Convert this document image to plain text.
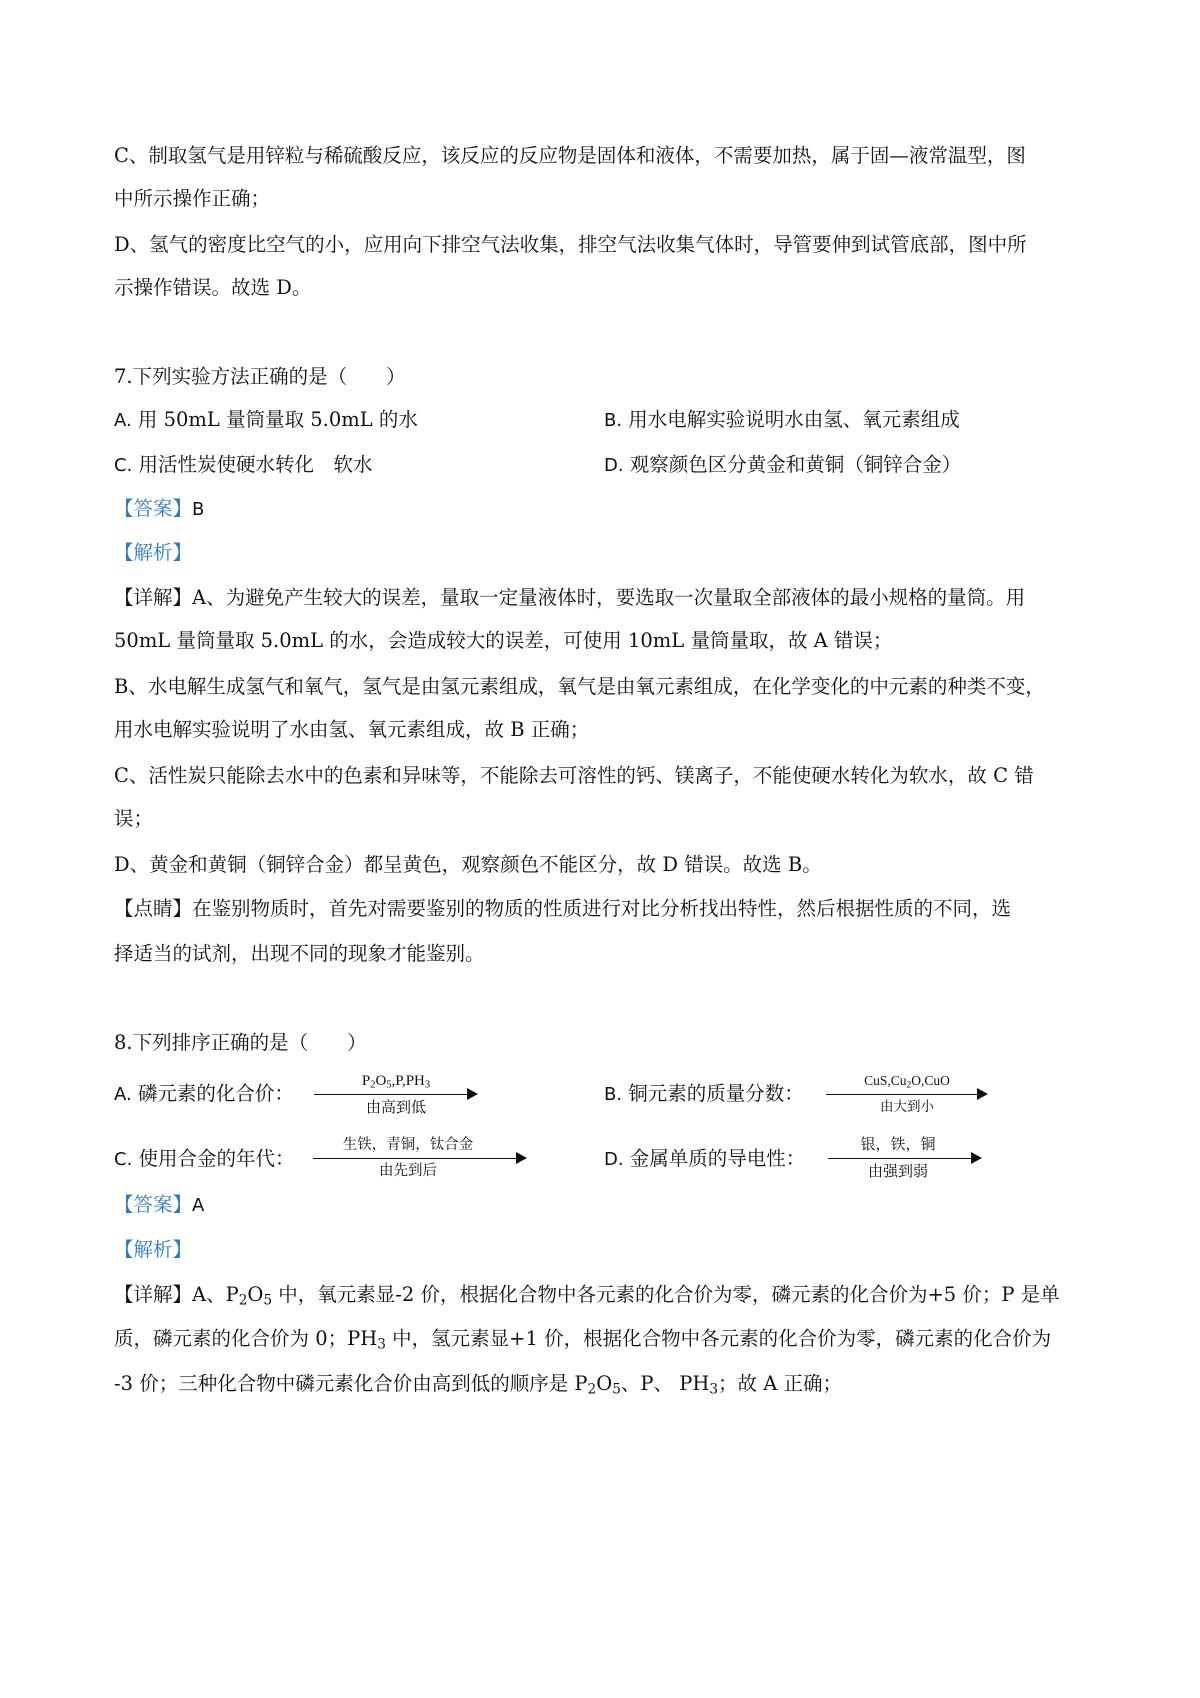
C、制取氢气是用锌粒与稀硫酸反应，该反应的反应物是固体和液体，不需要加热，属于固—液常温型，图
中所示操作正确；
D、氢气的密度比空气的小，应用向下排空气法收集，排空气法收集气体时，导管要伸到试管底部，图中所
示操作错误。故选 D。
7.下列实验方法正确的是（　　）
A. 用 50mL 量筒量取 5.0mL 的水	B. 用水电解实验说明水由氢、氧元素组成
C. 用活性炭使硬水转化　软水	D. 观察颜色区分黄金和黄铜（铜锌合金）
【答案】B
【解析】
【详解】A、为避免产生较大的误差，量取一定量液体时，要选取一次量取全部液体的最小规格的量筒。用
50mL 量筒量取 5.0mL 的水，会造成较大的误差，可使用 10mL 量筒量取，故 A 错误；
B、水电解生成氢气和氧气，氢气是由氢元素组成，氧气是由氧元素组成，在化学变化的中元素的种类不变，
用水电解实验说明了水由氢、氧元素组成，故 B 正确；
C、活性炭只能除去水中的色素和异味等，不能除去可溶性的钙、镁离子，不能使硬水转化为软水，故 C 错
误；
D、黄金和黄铜（铜锌合金）都呈黄色，观察颜色不能区分，故 D 错误。故选 B。
【点睛】在鉴别物质时，首先对需要鉴别的物质的性质进行对比分析找出特性，然后根据性质的不同，选
择适当的试剂，出现不同的现象才能鉴别。
8.下列排序正确的是（　　）
A. 磷元素的化合价：
$P_2O_5,P,PH_3$
由高到低
B. 铜元素的质量分数：
$CuS,Cu_2O,CuO$
由大到小
C. 使用合金的年代：
生铁，青铜，钛合金
由先到后
D. 金属单质的导电性：
银，铁，铜
由强到弱
【答案】A
【解析】
【详解】A、$P_2O_5$ 中，氧元素显-2 价，根据化合物中各元素的化合价为零，磷元素的化合价为+5 价；P 是单
质，磷元素的化合价为 0；$PH_3$ 中，氢元素显+1 价，根据化合物中各元素的化合价为零，磷元素的化合价为
-3 价；三种化合物中磷元素化合价由高到低的顺序是 $P_2O_5$、P、 $PH_3$；故 A 正确；
